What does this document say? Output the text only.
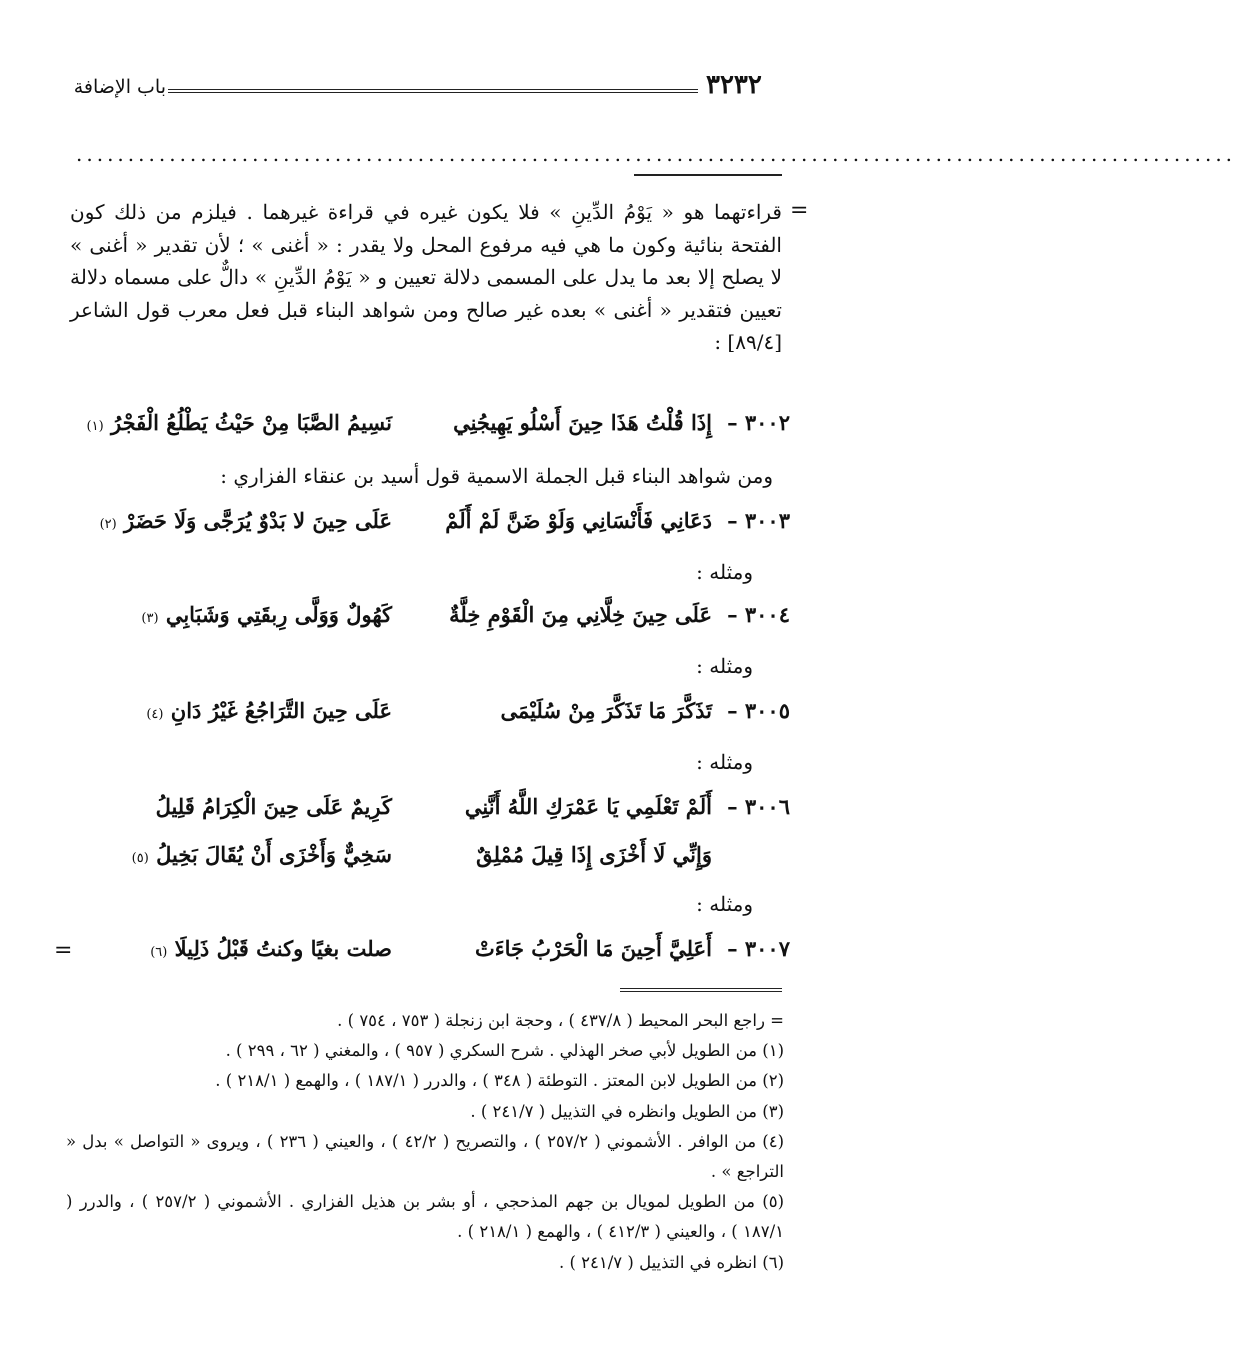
٣٢٣٢
باب الإضافة
................................................................................................................
=
قراءتهما هو « يَوْمُ الدِّينِ » فلا يكون غيره في قراءة غيرهما . فيلزم من ذلك كون الفتحة بنائية وكون ما هي فيه مرفوع المحل ولا يقدر : « أغنى » ؛ لأن تقدير « أغنى » لا يصلح إلا بعد ما يدل على المسمى دلالة تعيين و « يَوْمُ الدِّينِ » دالٌّ على مسماه دلالة تعيين فتقدير « أغنى » بعده غير صالح ومن شواهد البناء قبل فعل معرب قول الشاعر [٨٩/٤] :
٣٠٠٢ –
إِذَا قُلْتُ هَذَا حِينَ أَسْلُو يَهِيجُنِي
نَسِيمُ الصَّبَا مِنْ حَيْثُ يَطْلُعُ الْفَجْرُ (١)
ومن شواهد البناء قبل الجملة الاسمية قول أسيد بن عنقاء الفزاري :
٣٠٠٣ –
دَعَانِي فَأَنْسَانِي وَلَوْ ضَنَّ لَمْ أَلَمْ
عَلَى حِينَ لا بَدْوٌ يُرَجَّى وَلَا حَضَرْ (٢)
ومثله :
٣٠٠٤ –
عَلَى حِينَ خِلَّانِي مِنَ الْقَوْمِ خِلَّةٌ
كَهُولٌ وَوَلَّى رِبقَتِي وَشَبَابِي (٣)
ومثله :
٣٠٠٥ –
تَذَكَّرَ مَا تَذَكَّرَ مِنْ سُلَيْمَى
عَلَى حِينَ التَّرَاجُعُ غَيْرُ دَانِ (٤)
ومثله :
٣٠٠٦ –
أَلَمْ تَعْلَمِي يَا عَمْرَكِ اللَّهُ أَنَّنِي
كَرِيمٌ عَلَى حِينَ الْكِرَامُ قَلِيلُ
وَإِنِّي لَا أَخْزَى إِذَا قِيلَ مُمْلِقٌ
سَخِيٌّ وَأَخْزَى أَنْ يُقَالَ بَخِيلُ (٥)
ومثله :
٣٠٠٧ –
أَعَلِيَّ أَحِينَ مَا الْحَرْبُ جَاءَتْ
صلت بغيًا وكنتُ قَبْلُ ذَلِيلَا (٦)
=

= راجع البحر المحيط ( ٤٣٧/٨ ) ، وحجة ابن زنجلة ( ٧٥٣ ، ٧٥٤ ) .

(١) من الطويل لأبي صخر الهذلي . شرح السكري ( ٩٥٧ ) ، والمغني ( ٦٢ ، ٢٩٩ ) .

(٢) من الطويل لابن المعتز . التوطئة ( ٣٤٨ ) ، والدرر ( ١٨٧/١ ) ، والهمع ( ٢١٨/١ ) .

(٣) من الطويل وانظره في التذييل ( ٢٤١/٧ ) .

(٤) من الوافر . الأشموني ( ٢٥٧/٢ ) ، والتصريح ( ٤٢/٢ ) ، والعيني ( ٢٣٦ ) ، ويروى « التواصل » بدل « التراجع » .

(٥) من الطويل لمويال بن جهم المذحجي ، أو بشر بن هذيل الفزاري . الأشموني ( ٢٥٧/٢ ) ، والدرر ( ١٨٧/١ ) ، والعيني ( ٤١٢/٣ ) ، والهمع ( ٢١٨/١ ) .

(٦) انظره في التذييل ( ٢٤١/٧ ) .
